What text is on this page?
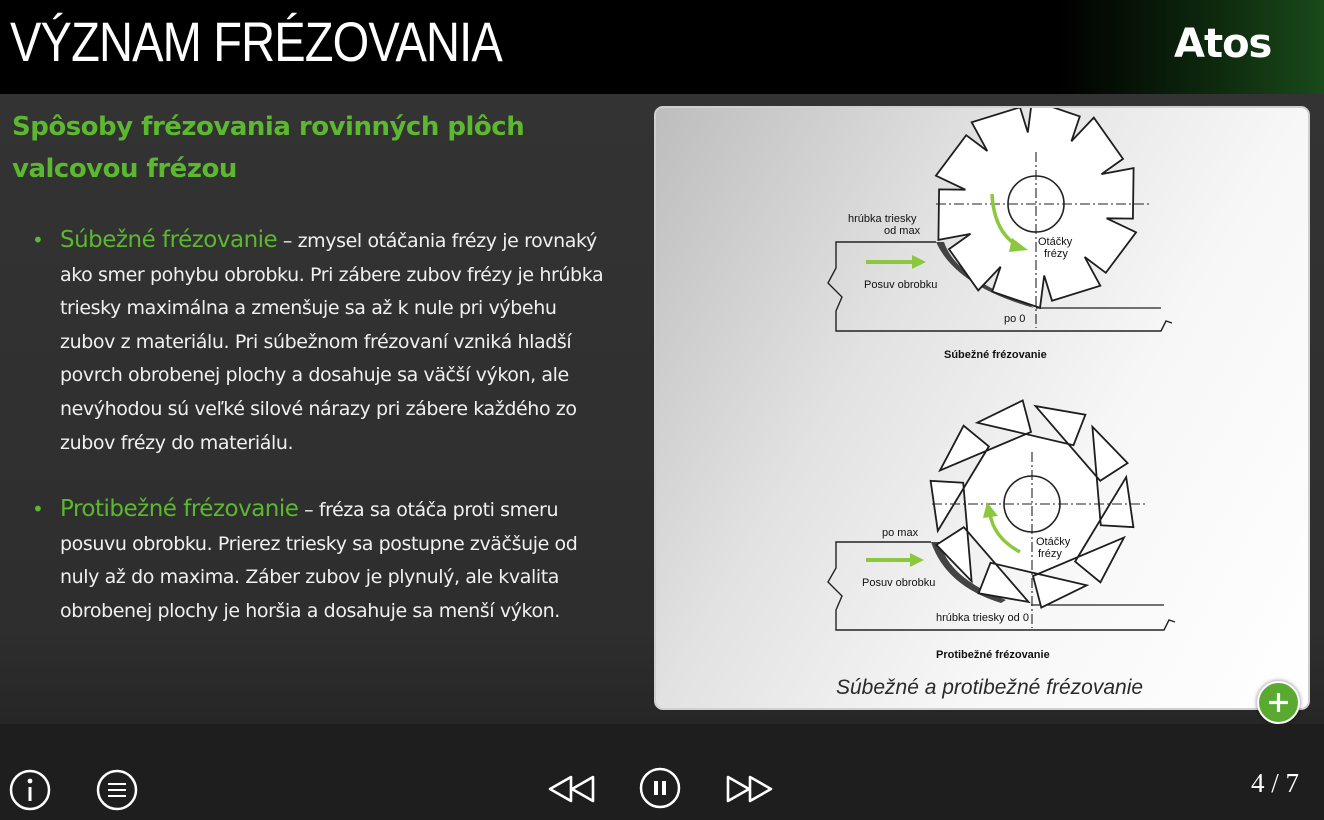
VÝZNAM FRÉZOVANIA	Atos
Spôsoby frézovania rovinných plôch valcovou frézou
• Súbežné frézovanie – zmysel otáčania frézy je rovnaký ako smer pohybu obrobku. Pri zábere zubov frézy je hrúbka triesky maximálna a zmenšuje sa až k nule pri výbehu zubov z materiálu. Pri súbežnom frézovaní vzniká hladší povrch obrobenej plochy a dosahuje sa väčší výkon, ale nevýhodou sú veľké silové nárazy pri zábere každého zo zubov frézy do materiálu.
• Protibežné frézovanie – fréza sa otáča proti smeru posuvu obrobku. Prierez triesky sa postupne zväčšuje od nuly až do maxima. Záber zubov je plynulý, ale kvalita obrobenej plochy je horšia a dosahuje sa menší výkon.
hrúbka triesky
od max
Otáčky
frézy
Posuv obrobku
po 0
Súbežné frézovanie
po max
Otáčky
frézy
Posuv obrobku
hrúbka triesky od 0
Protibežné frézovanie
Súbežné a protibežné frézovanie
4 / 7
